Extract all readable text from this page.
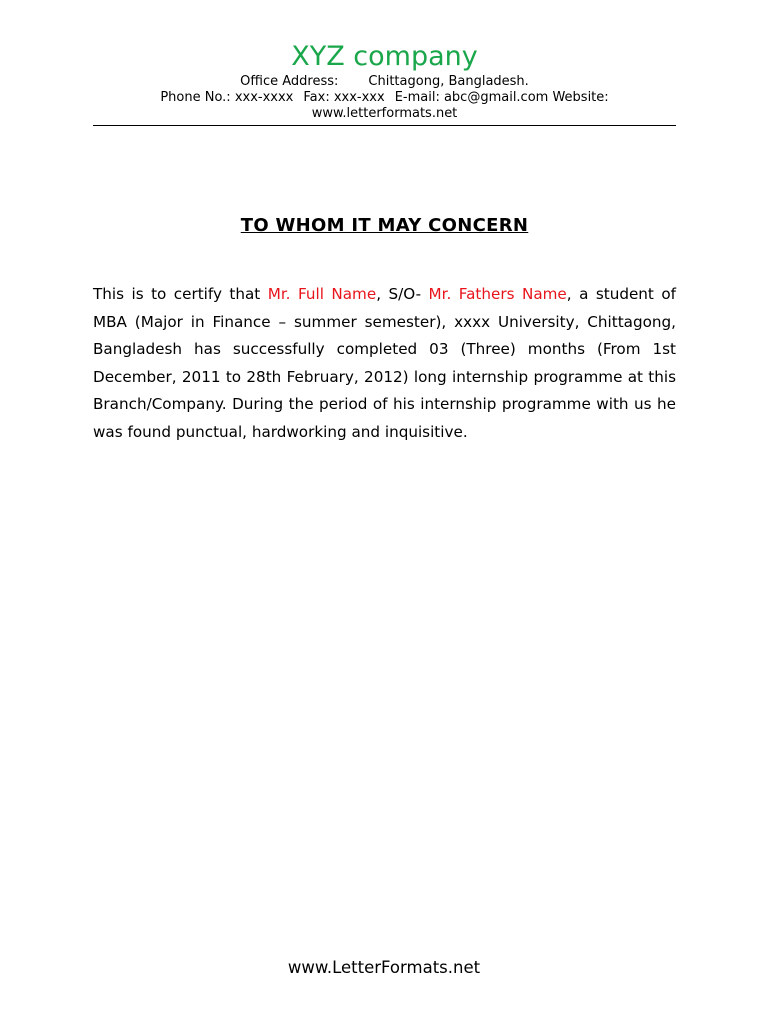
XYZ company

Office Address: Chittagong, Bangladesh.

Phone No.: xxx-xxxx Fax: xxx-xxx E-mail: abc@gmail.com Website:

www.letterformats.net

TO WHOM IT MAY CONCERN

This is to certify that Mr. Full Name, S/O- Mr. Fathers Name, a student of MBA (Major in Finance – summer semester), xxxx University, Chittagong, Bangladesh has successfully completed 03 (Three) months (From 1st December, 2011 to 28th February, 2012) long internship programme at this Branch/Company. During the period of his internship programme with us he was found punctual, hardworking and inquisitive.

www.LetterFormats.net
